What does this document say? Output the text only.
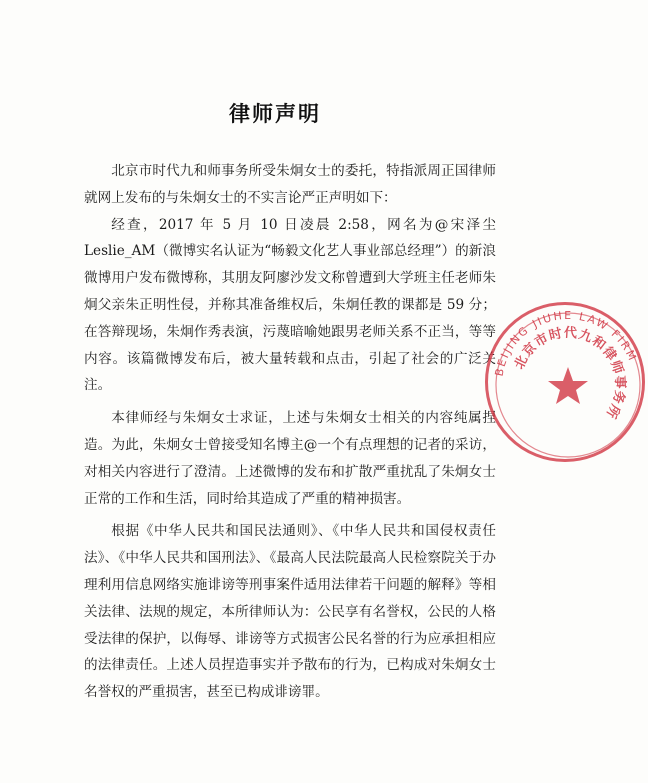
律师声明

北京市时代九和师事务所受朱炯女士的委托，特指派周正国律师就网上发布的与朱炯女士的不实言论严正声明如下：

经查，2017 年 5 月 10 日凌晨 2:58，网名为@宋泽尘 Leslie_AM（微博实名认证为“畅毅文化艺人事业部总经理”）的新浪微博用户发布微博称，其朋友阿廖沙发文称曾遭到大学班主任老师朱炯父亲朱正明性侵，并称其准备维权后，朱炯任教的课都是 59 分；在答辩现场，朱炯作秀表演，污蔑暗喻她跟男老师关系不正当，等等内容。该篇微博发布后，被大量转载和点击，引起了社会的广泛关注。

本律师经与朱炯女士求证，上述与朱炯女士相关的内容纯属捏造。为此，朱炯女士曾接受知名博主@一个有点理想的记者的采访，对相关内容进行了澄清。上述微博的发布和扩散严重扰乱了朱炯女士正常的工作和生活，同时给其造成了严重的精神损害。

根据《中华人民共和国民法通则》、《中华人民共和国侵权责任法》、《中华人民共和国刑法》、《最高人民法院最高人民检察院关于办理利用信息网络实施诽谤等刑事案件适用法律若干问题的解释》等相关法律、法规的规定，本所律师认为：公民享有名誉权，公民的人格受法律的保护，以侮辱、诽谤等方式损害公民名誉的行为应承担相应的法律责任。上述人员捏造事实并予散布的行为，已构成对朱炯女士名誉权的严重损害，甚至已构成诽谤罪。

BEIJING JIUHE LAW FIRM
北京市时代九和律师事务所
